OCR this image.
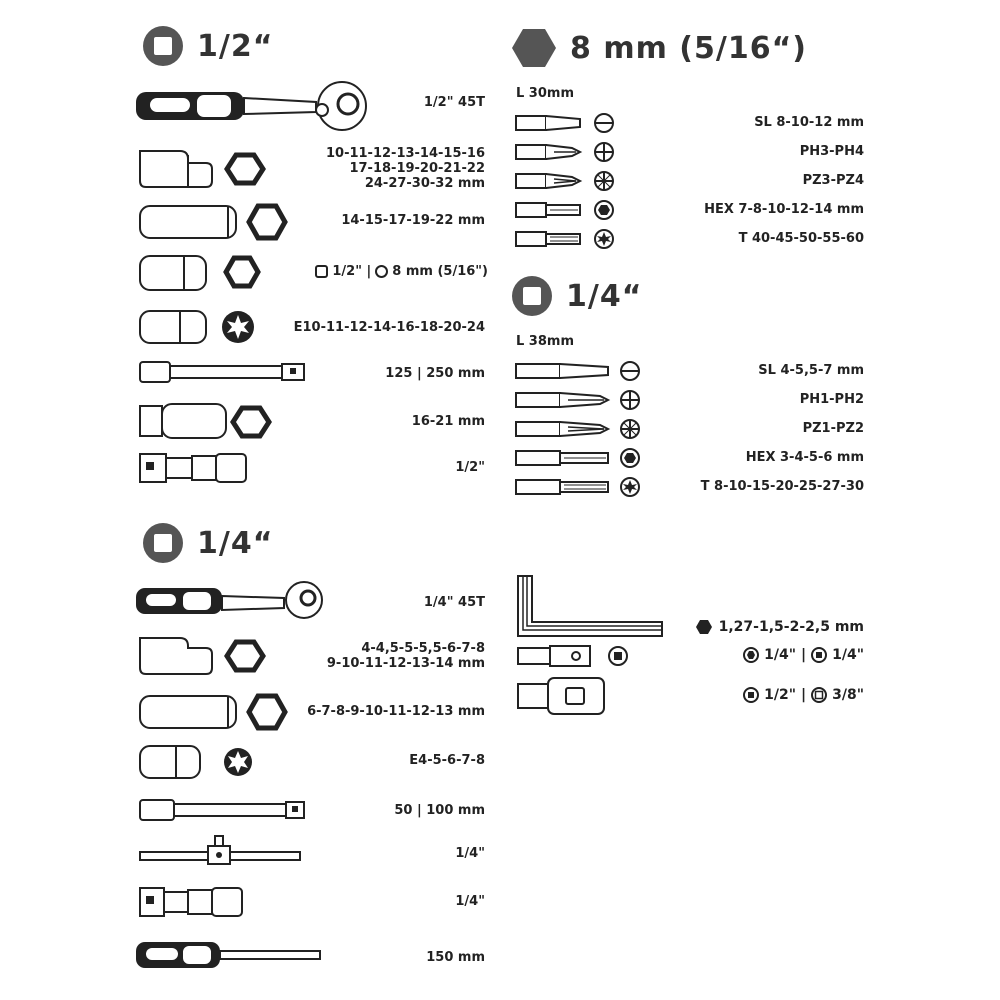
1/2“
1/2" 45T
10-11-12-13-14-15-16
17-18-19-20-21-22
24-27-30-32 mm
14-15-17-19-22 mm
1/2" | 8 mm (5/16")
E10-11-12-14-16-18-20-24
125 | 250 mm
16-21 mm
1/2"
1/4“
1/4" 45T
4-4,5-5-5,5-6-7-8
9-10-11-12-13-14 mm
6-7-8-9-10-11-12-13 mm
E4-5-6-7-8
50 | 100 mm
1/4"
1/4"
150 mm
8 mm (5/16“)
L 30mm
SL 8-10-12 mm
PH3-PH4
PZ3-PZ4
HEX 7-8-10-12-14 mm
T 40-45-50-55-60
1/4“
L 38mm
SL 4-5,5-7 mm
PH1-PH2
PZ1-PZ2
HEX 3-4-5-6 mm
T 8-10-15-20-25-27-30
1,27-1,5-2-2,5 mm
1/4" | 1/4"
1/2" | 3/8"
